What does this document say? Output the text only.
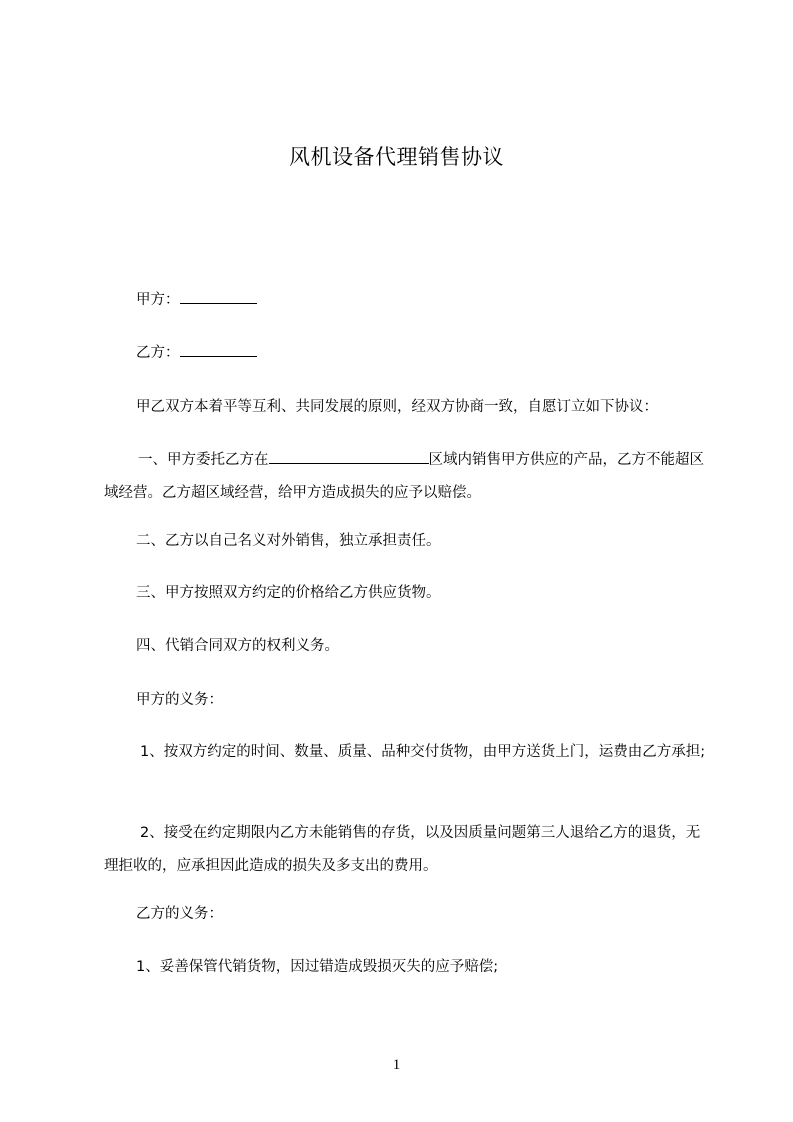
风机设备代理销售协议

甲方：

乙方：

甲乙双方本着平等互利、共同发展的原则，经双方协商一致，自愿订立如下协议：

一、甲方委托乙方在	区域内销售甲方供应的产品，乙方不能超区域经营。乙方超区域经营，给甲方造成损失的应予以赔偿。

二、乙方以自己名义对外销售，独立承担责任。

三、甲方按照双方约定的价格给乙方供应货物。

四、代销合同双方的权利义务。

甲方的义务：

1、按双方约定的时间、数量、质量、品种交付货物，由甲方送货上门，运费由乙方承担;

2、接受在约定期限内乙方未能销售的存货，以及因质量问题第三人退给乙方的退货，无理拒收的，应承担因此造成的损失及多支出的费用。

乙方的义务：

1、妥善保管代销货物，因过错造成毁损灭失的应予赔偿;

1
